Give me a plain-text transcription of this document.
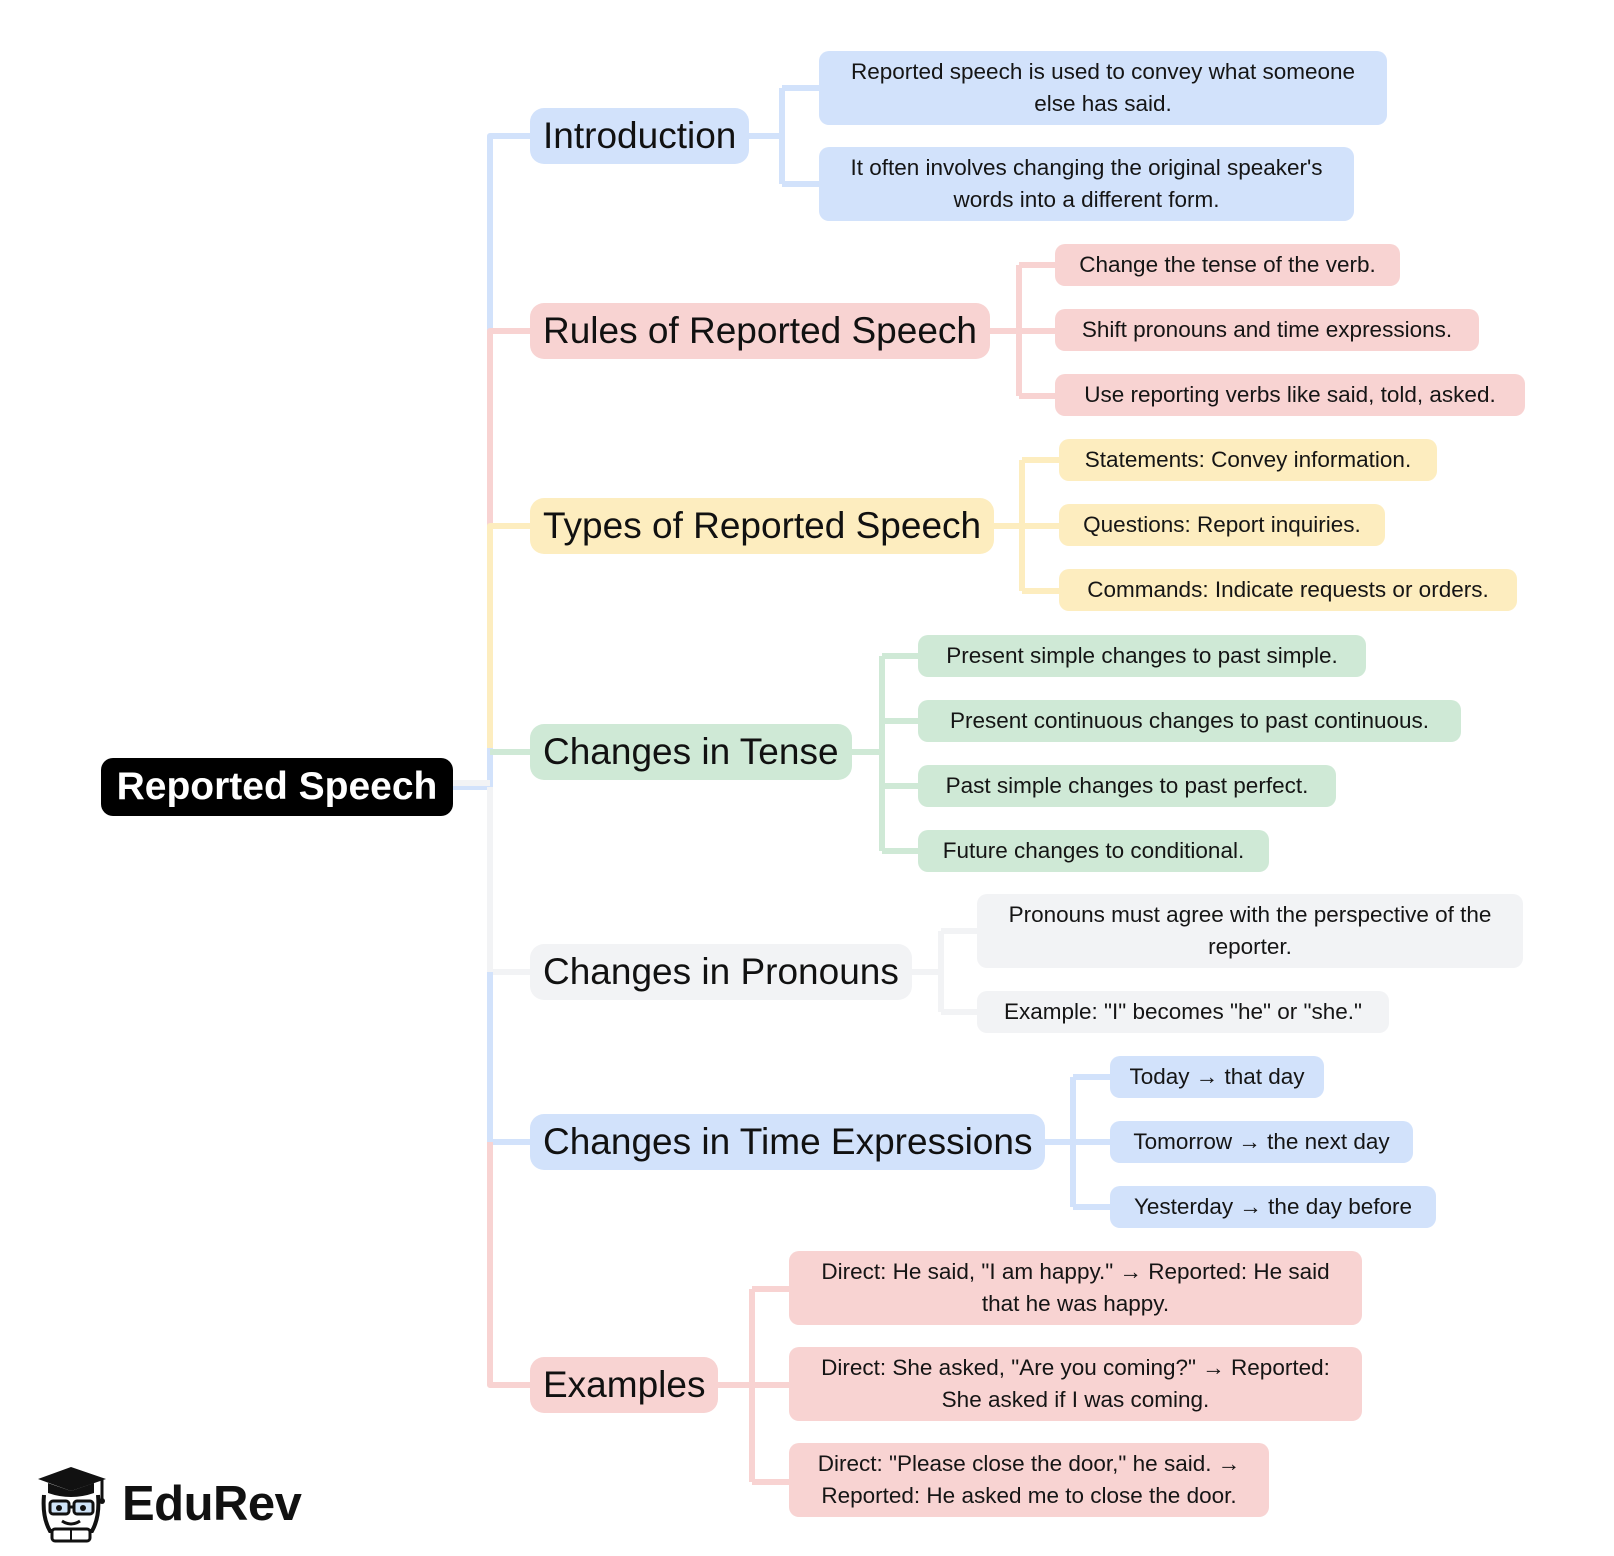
Reported Speech
Introduction
Rules of Reported Speech
Types of Reported Speech
Changes in Tense
Changes in Pronouns
Changes in Time Expressions
Examples
Reported speech is used to convey what someone else has said.
It often involves changing the original speaker's words into a different form.
Change the tense of the verb.
Shift pronouns and time expressions.
Use reporting verbs like said, told, asked.
Statements: Convey information.
Questions: Report inquiries.
Commands: Indicate requests or orders.
Present simple changes to past simple.
Present continuous changes to past continuous.
Past simple changes to past perfect.
Future changes to conditional.
Pronouns must agree with the perspective of the reporter.
Example: "I" becomes "he" or "she."
Today → that day
Tomorrow → the next day
Yesterday → the day before
Direct: He said, "I am happy." → Reported: He said that he was happy.
Direct: She asked, "Are you coming?" → Reported: She asked if I was coming.
Direct: "Please close the door," he said. → Reported: He asked me to close the door.
EduRev
